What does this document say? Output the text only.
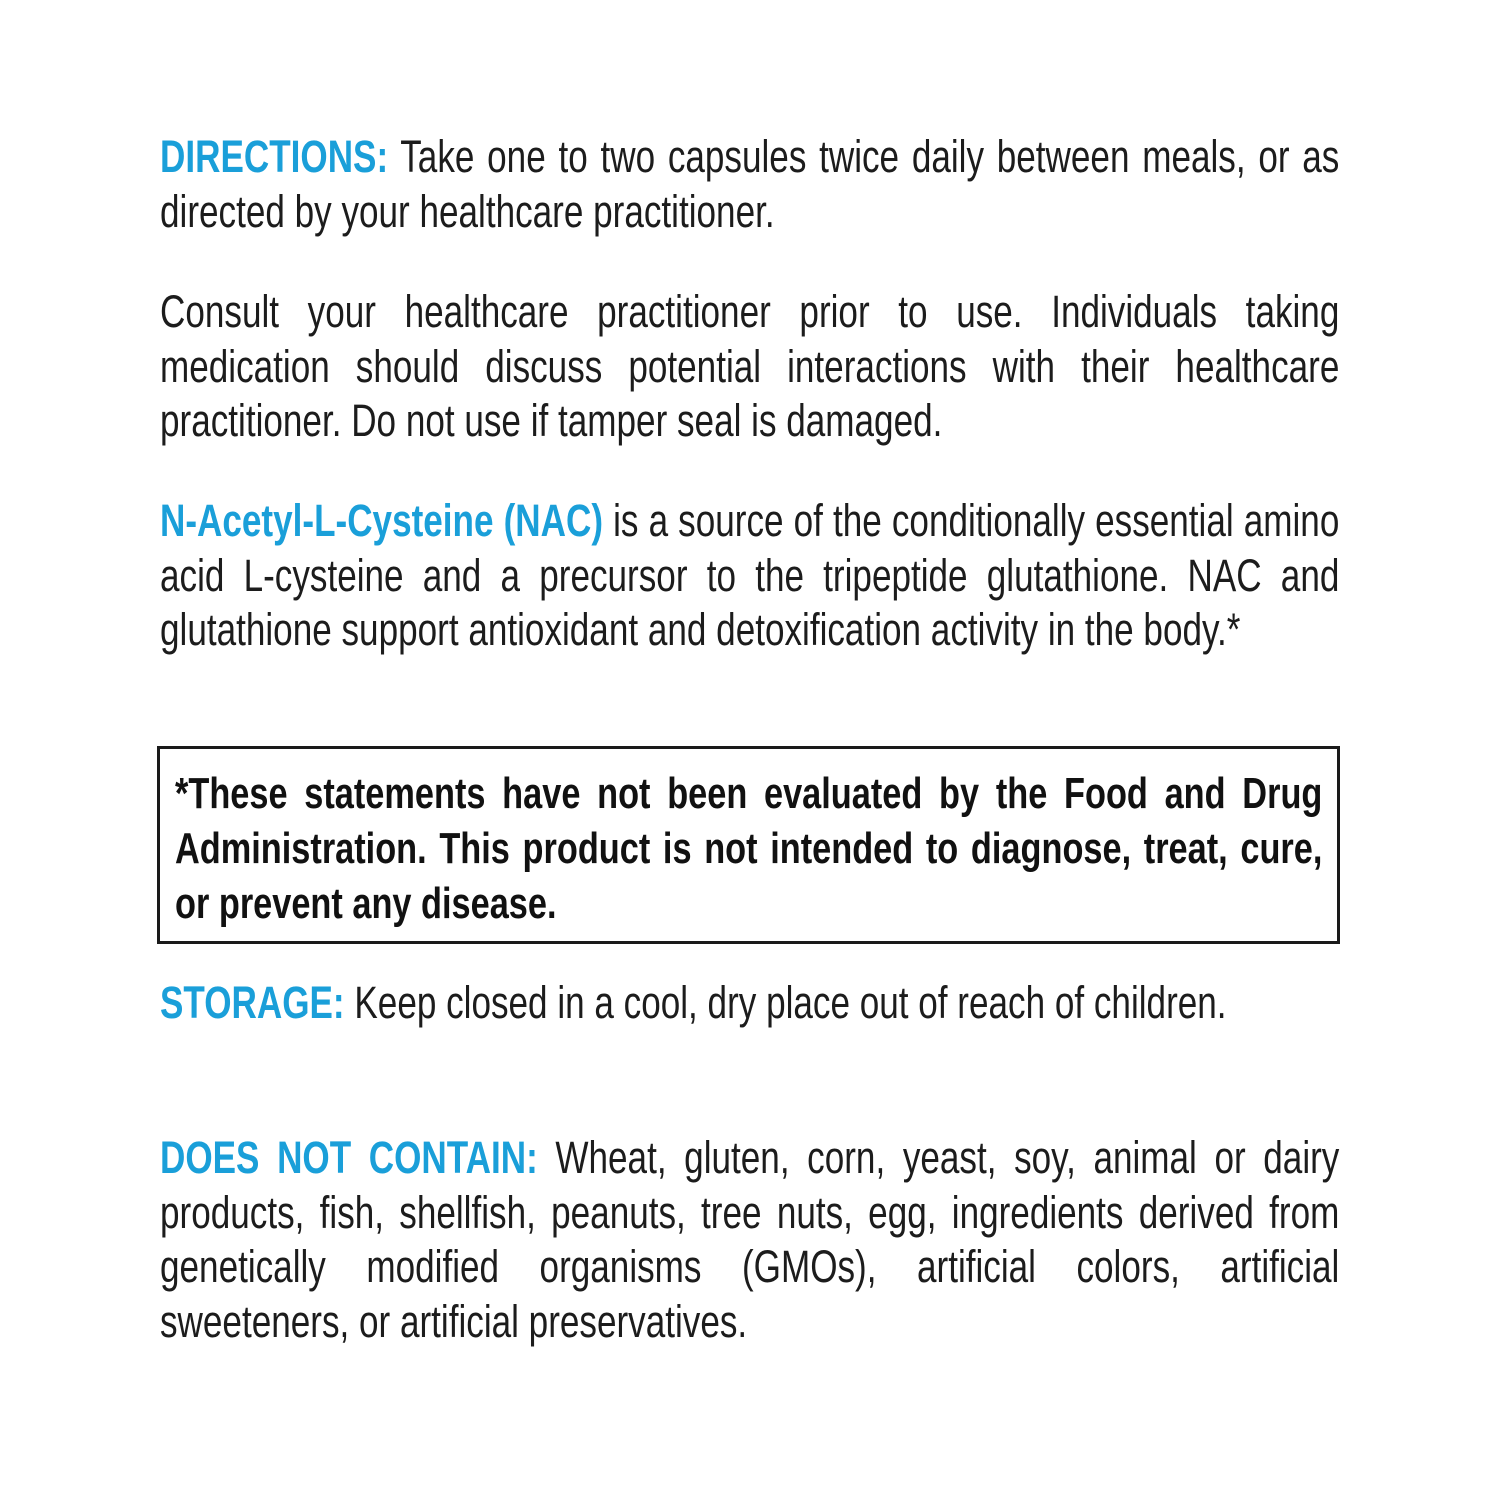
DIRECTIONS: Take one to two capsules twice daily between meals, or as directed by your healthcare practitioner.
Consult your healthcare practitioner prior to use. Individuals taking medication should discuss potential interactions with their healthcare practitioner. Do not use if tamper seal is damaged.
N-Acetyl-L-Cysteine (NAC) is a source of the conditionally essential amino acid L-cysteine and a precursor to the tripeptide glutathione. NAC and glutathione support antioxidant and detoxification activity in the body.*
*These statements have not been evaluated by the Food and Drug Administration. This product is not intended to diagnose, treat, cure, or prevent any disease.
STORAGE: Keep closed in a cool, dry place out of reach of children.
DOES NOT CONTAIN: Wheat, gluten, corn, yeast, soy, animal or dairy products, fish, shellfish, peanuts, tree nuts, egg, ingredients derived from genetically modified organisms (GMOs), artificial colors, artificial sweeteners, or artificial preservatives.
